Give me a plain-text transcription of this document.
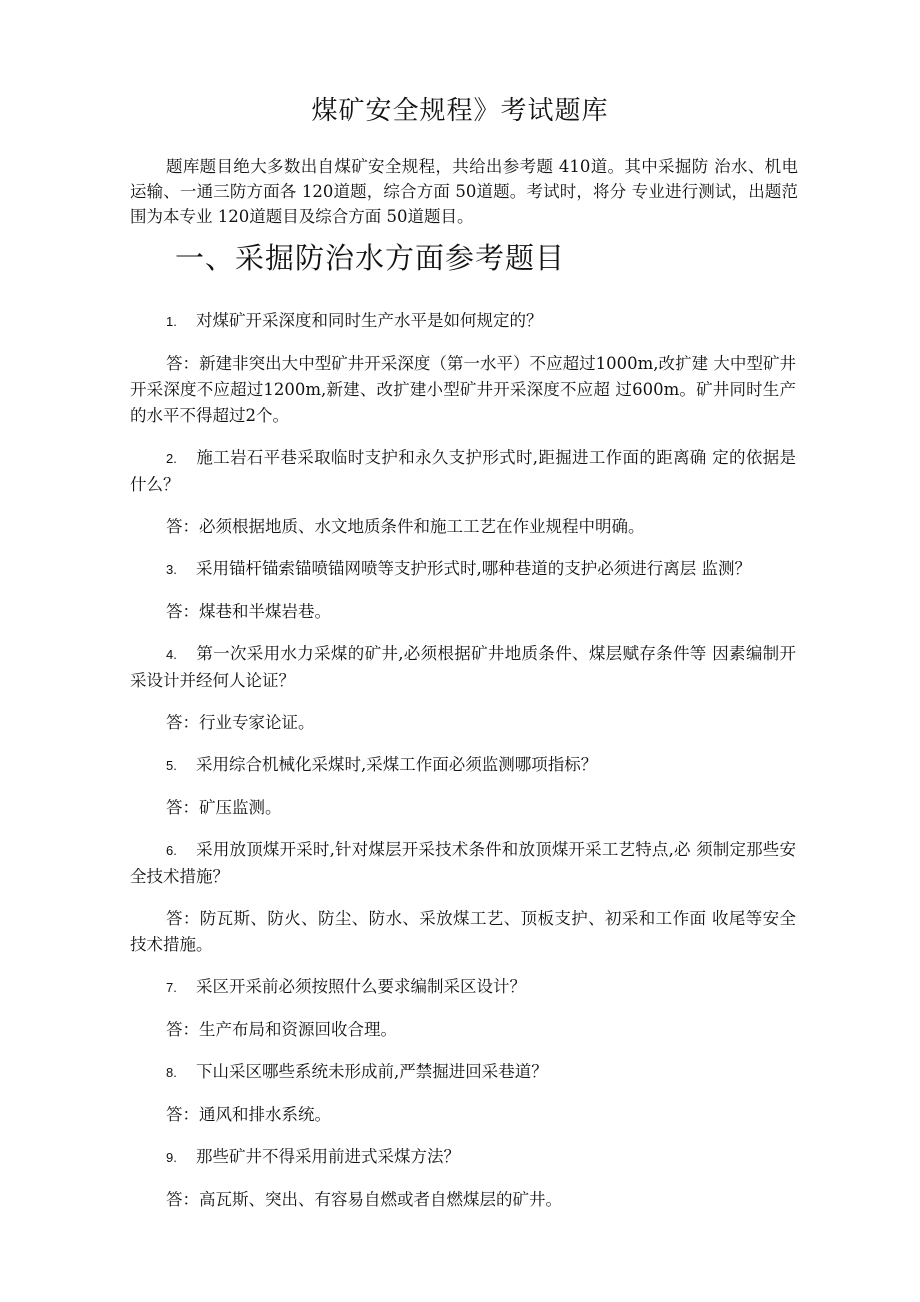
煤矿安全规程》考试题库
题库题目绝大多数出自煤矿安全规程，共给出参考题 410道。其中采掘防 治水、机电运输、一通三防方面各 120道题，综合方面 50道题。考试时，将分 专业进行测试，出题范围为本专业 120道题目及综合方面 50道题目。
一、采掘防治水方面参考题目

1. 对煤矿开采深度和同时生产水平是如何规定的？

答：新建非突出大中型矿井开采深度（第一水平）不应超过1000m,改扩建 大中型矿井开采深度不应超过1200m,新建、改扩建小型矿井开采深度不应超 过600m。矿井同时生产的水平不得超过2个。

2. 施工岩石平巷采取临时支护和永久支护形式时,距掘进工作面的距离确 定的依据是什么？

答：必须根据地质、水文地质条件和施工工艺在作业规程中明确。

3. 采用锚杆锚索锚喷锚网喷等支护形式时,哪种巷道的支护必须进行离层 监测？

答：煤巷和半煤岩巷。

4. 第一次采用水力采煤的矿井,必须根据矿井地质条件、煤层赋存条件等 因素编制开采设计并经何人论证？

答：行业专家论证。

5. 采用综合机械化采煤时,采煤工作面必须监测哪项指标？

答：矿压监测。

6. 采用放顶煤开采时,针对煤层开采技术条件和放顶煤开采工艺特点,必 须制定那些安全技术措施？

答：防瓦斯、防火、防尘、防水、采放煤工艺、顶板支护、初采和工作面 收尾等安全技术措施。

7. 采区开采前必须按照什么要求编制采区设计？

答：生产布局和资源回收合理。

8. 下山采区哪些系统未形成前,严禁掘进回采巷道？

答：通风和排水系统。

9. 那些矿井不得采用前进式采煤方法？

答：高瓦斯、突出、有容易自燃或者自燃煤层的矿井。
